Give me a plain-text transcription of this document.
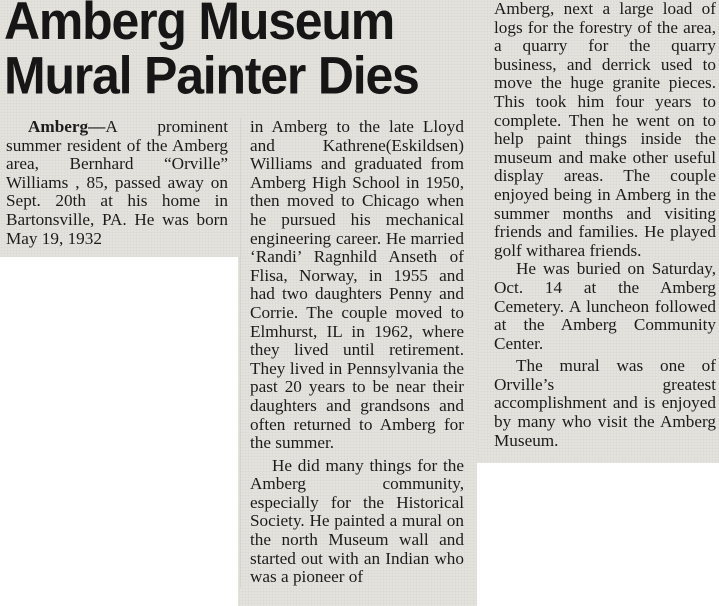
Amberg Museum
Mural Painter Dies

Amberg—A prominent summer resident of the Amberg area, Bernhard “Orville” Williams , 85, passed away on Sept. 20th at his home in Bartonsville, PA. He was born May 19, 1932

in Amberg to the late Lloyd and Kathrene(Eskildsen) Williams and graduated from Amberg High School in 1950, then moved to Chicago when he pursued his mechanical engineering career. He married ‘Randi’ Ragnhild Anseth of Flisa, Norway, in 1955 and had two daughters Penny and Corrie. The couple moved to Elmhurst, IL in 1962, where they lived until retirement. They lived in Pennsylvania the past 20 years to be near their daughters and grandsons and often returned to Amberg for the summer.

He did many things for the Amberg community, especially for the Historical Society. He painted a mural on the north Museum wall and started out with an Indian who was a pioneer of

Amberg, next a large load of logs for the forestry of the area, a quarry for the quarry business, and derrick used to move the huge granite pieces. This took him four years to complete. Then he went on to help paint things inside the museum and make other useful display areas. The couple enjoyed being in Amberg in the summer months and visiting friends and families. He played golf witharea friends.

He was buried on Saturday, Oct. 14 at the Amberg Cemetery. A luncheon followed at the Amberg Community Center.

The mural was one of Orville’s greatest accomplishment and is enjoyed by many who visit the Amberg Museum.
